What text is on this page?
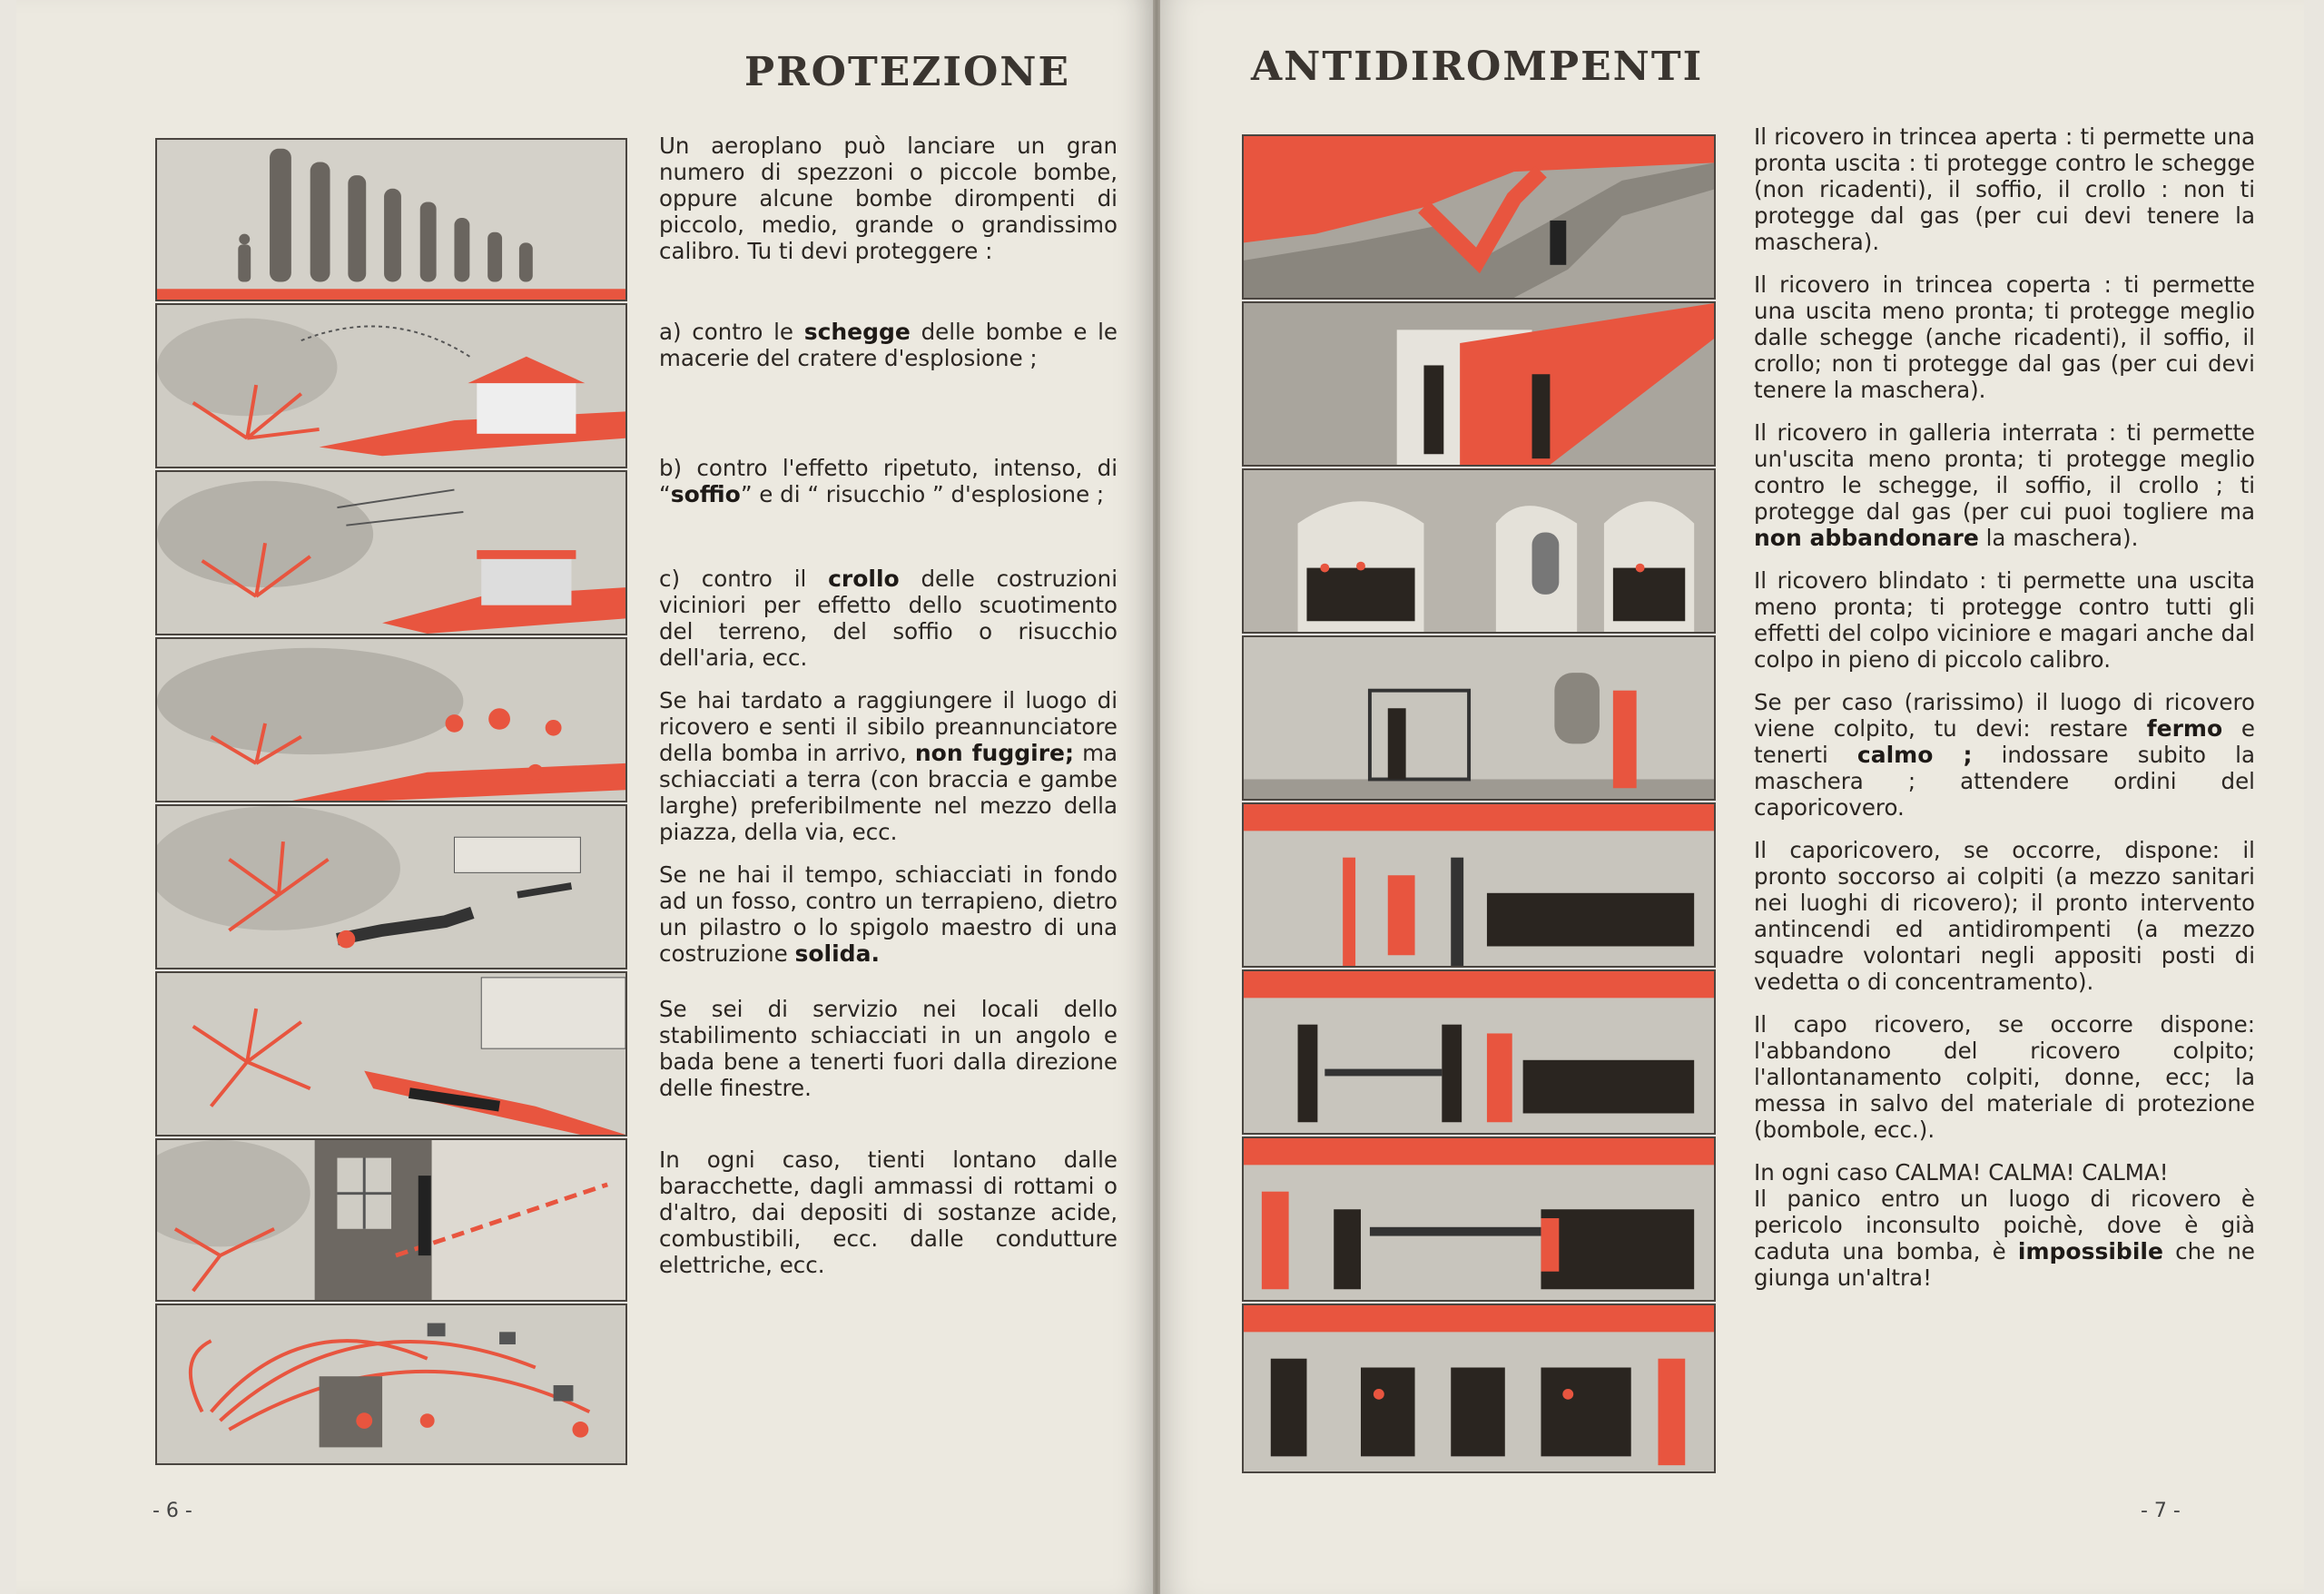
PROTEZIONE

Un aeroplano può lanciare un gran numero di spezzoni o piccole bombe, oppure alcune bombe dirompenti di piccolo, medio, grande o grandissimo calibro. Tu ti devi proteggere :

a) contro le schegge delle bombe e le macerie del cratere d'esplosione ;

b) contro l'effetto ripetuto, intenso, di “soffio” e di “ risucchio ” d'esplosione ;

c) contro il crollo delle costruzioni viciniori per effetto dello scuotimento del terreno, del soffio o risucchio dell'aria, ecc.

Se hai tardato a raggiungere il luogo di ricovero e senti il sibilo preannunciatore della bomba in arrivo, non fuggire; ma schiacciati a terra (con braccia e gambe larghe) preferibilmente nel mezzo della piazza, della via, ecc.

Se ne hai il tempo, schiacciati in fondo ad un fosso, contro un terrapieno, dietro un pilastro o lo spigolo maestro di una costruzione solida.

Se sei di servizio nei locali dello stabilimento schiacciati in un angolo e bada bene a tenerti fuori dalla direzione delle finestre.

In ogni caso, tienti lontano dalle baracchette, dagli ammassi di rottami o d'altro, dai depositi di sostanze acide, combustibili, ecc. dalle condutture elettriche, ecc.

- 6 -
ANTIDIROMPENTI

Il ricovero in trincea aperta : ti permette una pronta uscita : ti protegge contro le schegge (non ricadenti), il soffio, il crollo : non ti protegge dal gas (per cui devi tenere la maschera).

Il ricovero in trincea coperta : ti permette una uscita meno pronta; ti protegge meglio dalle schegge (anche ricadenti), il soffio, il crollo; non ti protegge dal gas (per cui devi tenere la maschera).

Il ricovero in galleria interrata : ti permette un'uscita meno pronta; ti protegge meglio contro le schegge, il soffio, il crollo ; ti protegge dal gas (per cui puoi togliere ma non abbandonare la maschera).

Il ricovero blindato : ti permette una uscita meno pronta; ti protegge contro tutti gli effetti del colpo viciniore e magari anche dal colpo in pieno di piccolo calibro.

Se per caso (rarissimo) il luogo di ricovero viene colpito, tu devi: restare fermo e tenerti calmo ; indossare subito la maschera ; attendere ordini del caporicovero.

Il caporicovero, se occorre, dispone: il pronto soccorso ai colpiti (a mezzo sanitari nei luoghi di ricovero); il pronto intervento antincendi ed antidirompenti (a mezzo squadre volontari negli appositi posti di vedetta o di concentramento).

Il capo ricovero, se occorre dispone: l'abbandono del ricovero colpito; l'allontanamento colpiti, donne, ecc; la messa in salvo del materiale di protezione (bombole, ecc.).

In ogni caso CALMA! CALMA! CALMA!

Il panico entro un luogo di ricovero è pericolo inconsulto poichè, dove è già caduta una bomba, è impossibile che ne giunga un'altra!

- 7 -
